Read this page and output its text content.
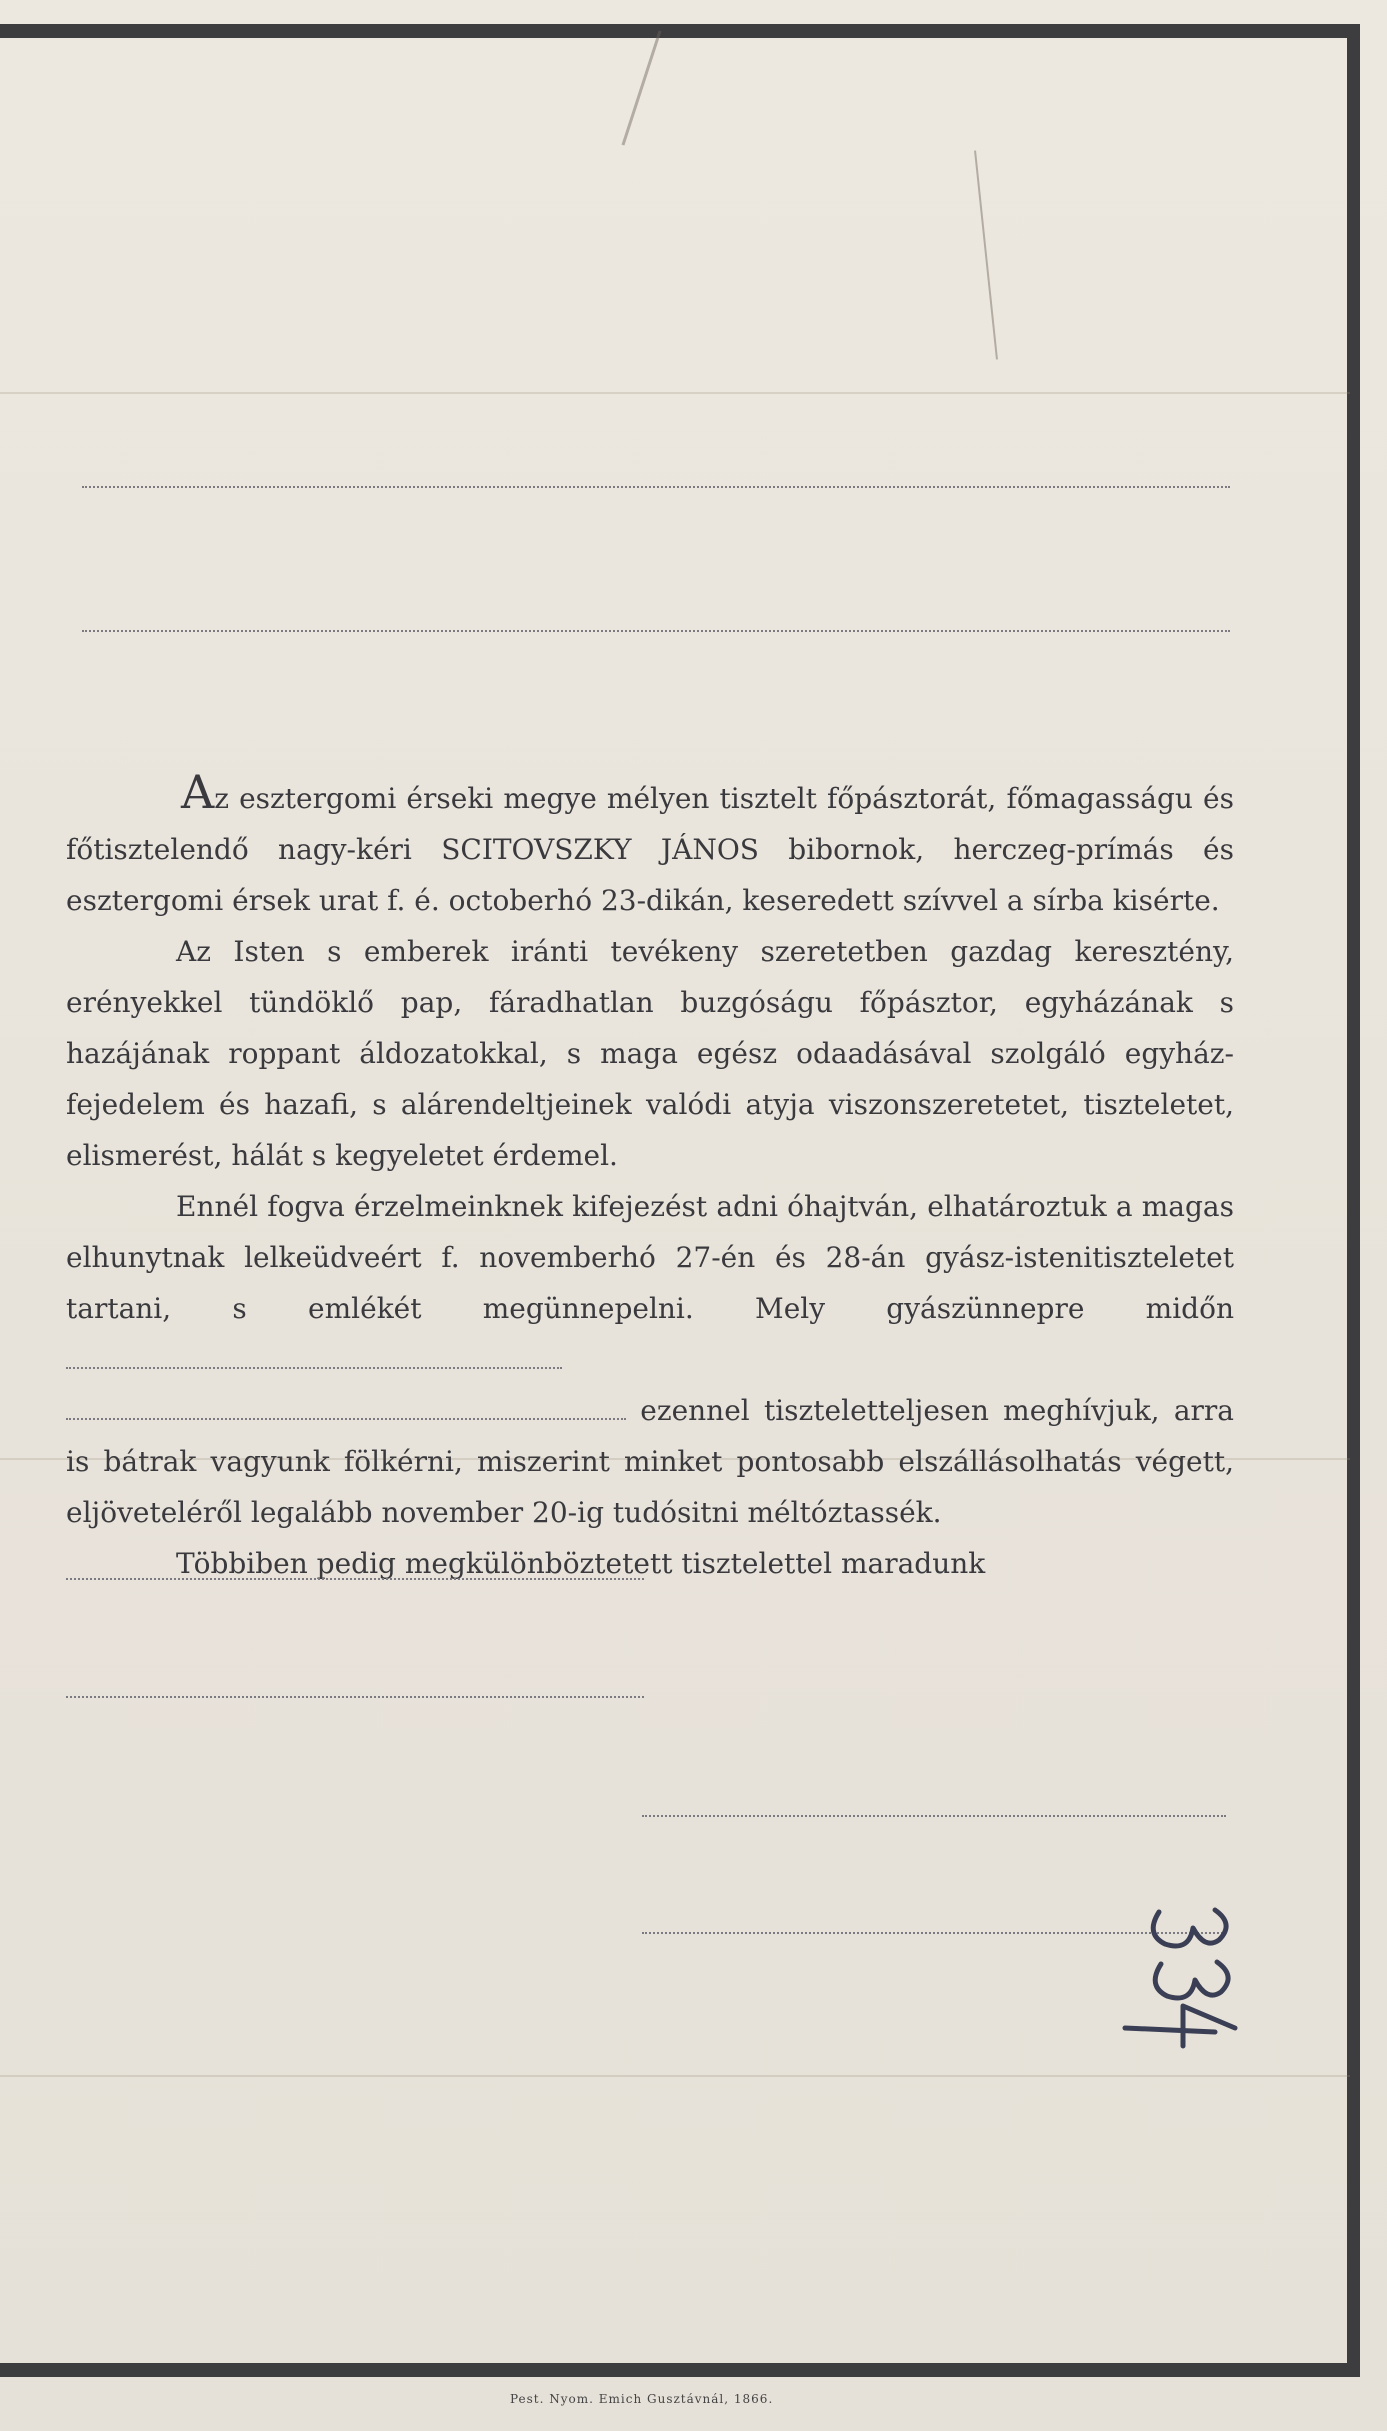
Az esztergomi érseki megye mélyen tisztelt főpásztorát, főmagasságu és főtisztelendő nagy-kéri SCITOVSZKY JÁNOS bibornok, herczeg-prímás és esztergomi érsek urat f. é. octoberhó 23-dikán, keseredett szívvel a sírba kisérte.

Az Isten s emberek iránti tevékeny szeretetben gazdag keresztény, erényekkel tündöklő pap, fáradhatlan buzgóságu főpásztor, egyházának s hazájának roppant áldozatokkal, s maga egész odaadásával szolgáló egyház-fejedelem és hazafi, s alárendeltjeinek valódi atyja viszonszeretetet, tiszteletet, elismerést, hálát s kegyeletet érdemel.

Ennél fogva érzelmeinknek kifejezést adni óhajtván, elhatároztuk a magas elhunytnak lelkeüdveért f. novemberhó 27-én és 28-án gyász-istenitiszteletet tartani, s emlékét megünnepelni. Mely gyászünnepre midőn
ezennel tiszteletteljesen meghívjuk, arra is bátrak vagyunk fölkérni, miszerint minket pontosabb elszállásolhatás végett, eljöveteléről legalább november 20-ig tudósitni méltóztassék.

Többiben pedig megkülönböztetett tisztelettel maradunk

Pest. Nyom. Emich Gusztávnál, 1866.
